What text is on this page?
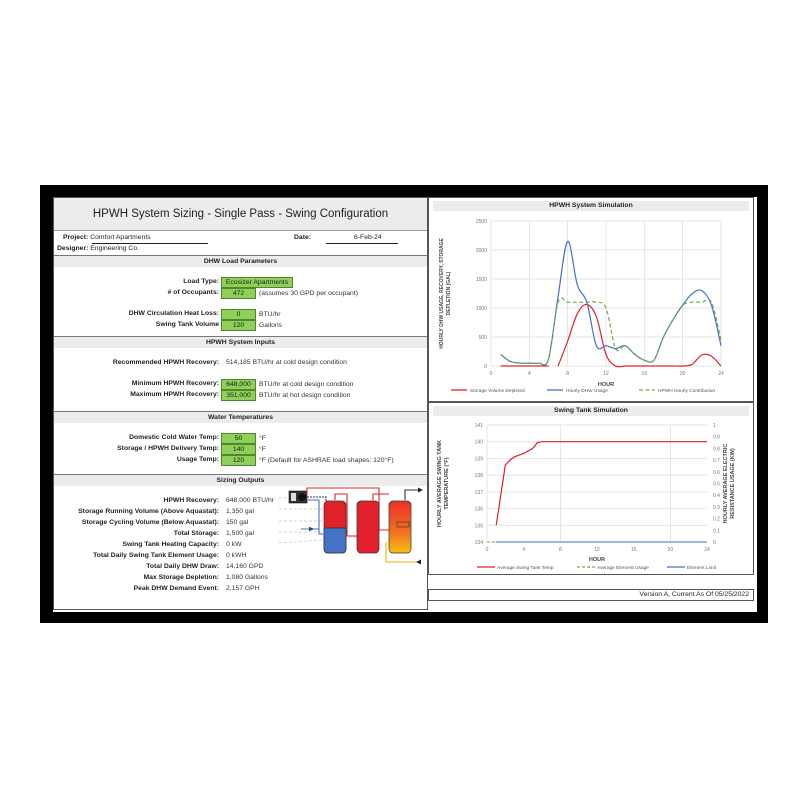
HPWH System Sizing - Single Pass - Swing Configuration
Project: Comfort Apartments	Date:	6-Feb-24
Designer: Engineering Co.
DHW Load Parameters
Load Type:	Ecosizer Apartments
# of Occupants:	472	(assumes 30 GPD per occupant)
DHW Circulation Heat Loss:	0	BTU/hr
Swing Tank Volume	120	Gallons
HPWH System Inputs
Recommended HPWH Recovery: 514,185 BTU/hr at cold design condition
Minimum HPWH Recovery:	648,000	BTU/hr at cold design condition
Maximum HPWH Recovery:	351,000	BTU/hr at hot design condition
Water Temperatures
Domestic Cold Water Temp:	50	°F
Storage / HPWH Delivery Temp:	140	°F
Usage Temp:	120	°F (Default for ASHRAE load shapes: 120°F)
Sizing Outputs
HPWH Recovery: 648,000 BTU/hr
Storage Running Volume (Above Aquastat): 1,350 gal
Storage Cycling Volume (Below Aquastat): 150 gal
Total Storage: 1,500 gal
Swing Tank Heating Capacity: 0 kW
Total Daily Swing Tank Element Usage: 0 kWH
Total Daily DHW Draw: 14,160 GPD
Max Storage Depletion: 1,080 Gallons
Peak DHW Demand Event: 2,157 GPH
HPWH System Simulation
0
500
1000
1500
2000
2500
0	4	8	12	16	20	24
HOUR
HOURLY DHW USAGE, RECOVERY, STORAGEDEPLETION (GAL)
Storage Volume Depleted	Hourly DHW Usage	HPWH Hourly Contribution
Swing Tank Simulation
134
135
136
137
138
139
140
141
0
0.1
0.2
0.3
0.4
0.5
0.6
0.7
0.8
0.9
1
0	4	8	12	16	20	24
HOUR
HOURLY AVERAGE SWING TANKTEMPERATURE (°F)	HOURLY AVERAGE ELECTRICRESISTANCE USAGE (KW)
Average Swing Tank Temp	Average Element Usage	Element Limit
Version A, Current As Of 05/25/2022
